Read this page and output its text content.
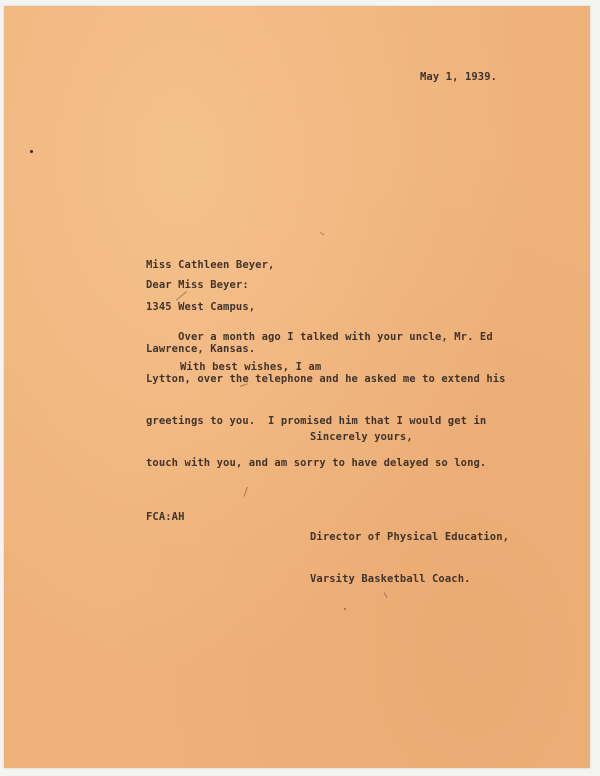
May 1, 1939.

Miss Cathleen Beyer,

1345 West Campus,

Lawrence, Kansas.

Dear Miss Beyer:

Over a month ago I talked with your uncle, Mr. Ed

Lytton, over the telephone and he asked me to extend his

greetings to you.  I promised him that I would get in

touch with you, and am sorry to have delayed so long.

With best wishes, I am
Sincerely yours,

Director of Physical Education,

Varsity Basketball Coach.

FCA:AH
